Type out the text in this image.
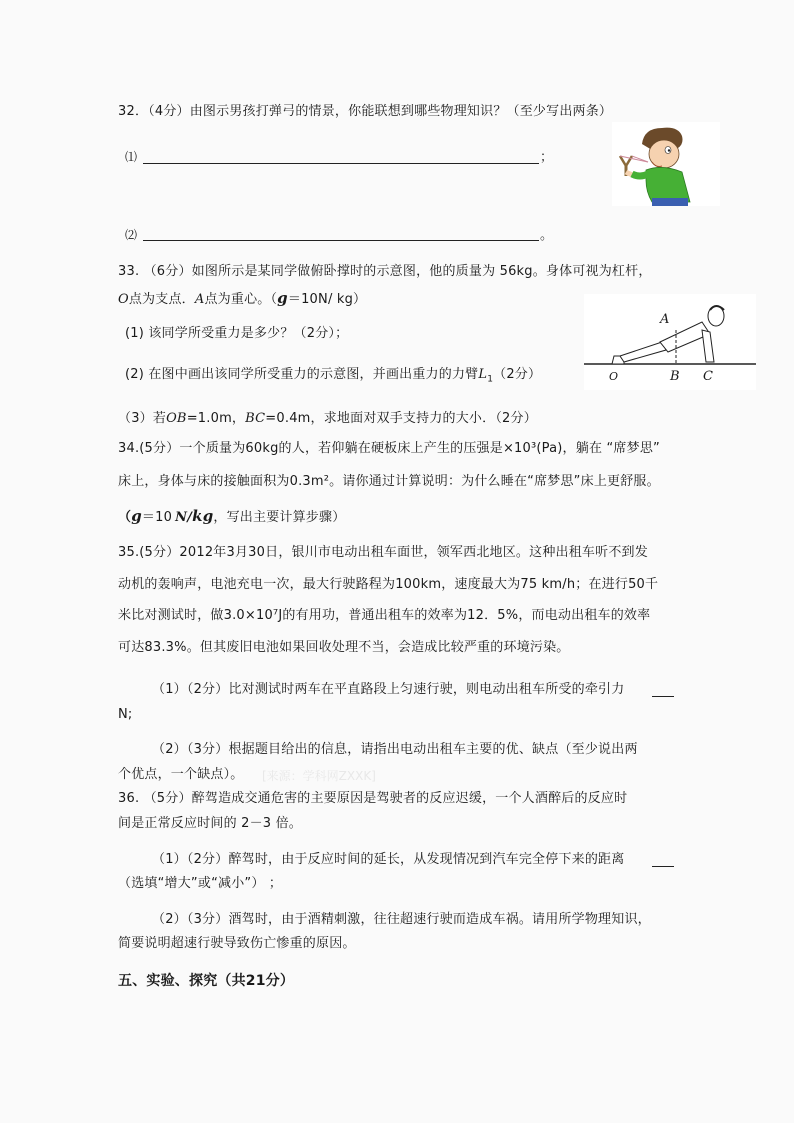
32．（4分）由图示男孩打弹弓的情景，你能联想到哪些物理知识？（至少写出两条）
⑴	；
⑵	。
33. （6分）如图所示是某同学做俯卧撑时的示意图，他的质量为 56kg。身体可视为杠杆，
O点为支点．A点为重心。（g＝10N/ kg）
(1) 该同学所受重力是多少？（2分）；
(2) 在图中画出该同学所受重力的示意图，并画出重力的力臂$L_1(2$分）
A
O	B C
（3）若OB=1.0m，BC=0.4m，求地面对双手支持力的大小．（2分）
34.(5分）一个质量为60kg的人，若仰躺在硬板床上产生的压强是×10³(Pa)，躺在 “席梦思”
床上，身体与床的接触面积为0.3m²。请你通过计算说明：为什么睡在“席梦思”床上更舒服。
（g＝10 N/kg，写出主要计算步骤）
35.(5分）2012年3月30日，银川市电动出租车面世，领军西北地区。这种出租车听不到发
动机的轰响声，电池充电一次，最大行驶路程为100km，速度最大为75 km/h；在进行50千
米比对测试时，做3.0×10⁷J的有用功，普通出租车的效率为12．5%，而电动出租车的效率
可达83.3%。但其废旧电池如果回收处理不当，会造成比较严重的环境污染。
（1）（2分）比对测试时两车在平直路段上匀速行驶，则电动出租车所受的牵引力
N;
（2）（3分）根据题目给出的信息，请指出电动出租车主要的优、缺点（至少说出两
个优点，一个缺点）。 [来源：学科网ZXXK]
36. （5分）醉驾造成交通危害的主要原因是驾驶者的反应迟缓，一个人酒醉后的反应时
间是正常反应时间的 2－3 倍。
（1）（2分）醉驾时，由于反应时间的延长，从发现情况到汽车完全停下来的距离
（选填“增大”或“减小”） ；
（2）（3分）酒驾时，由于酒精刺激，往往超速行驶而造成车祸。请用所学物理知识，
简要说明超速行驶导致伤亡惨重的原因。
五、实验、探究（共21分）
